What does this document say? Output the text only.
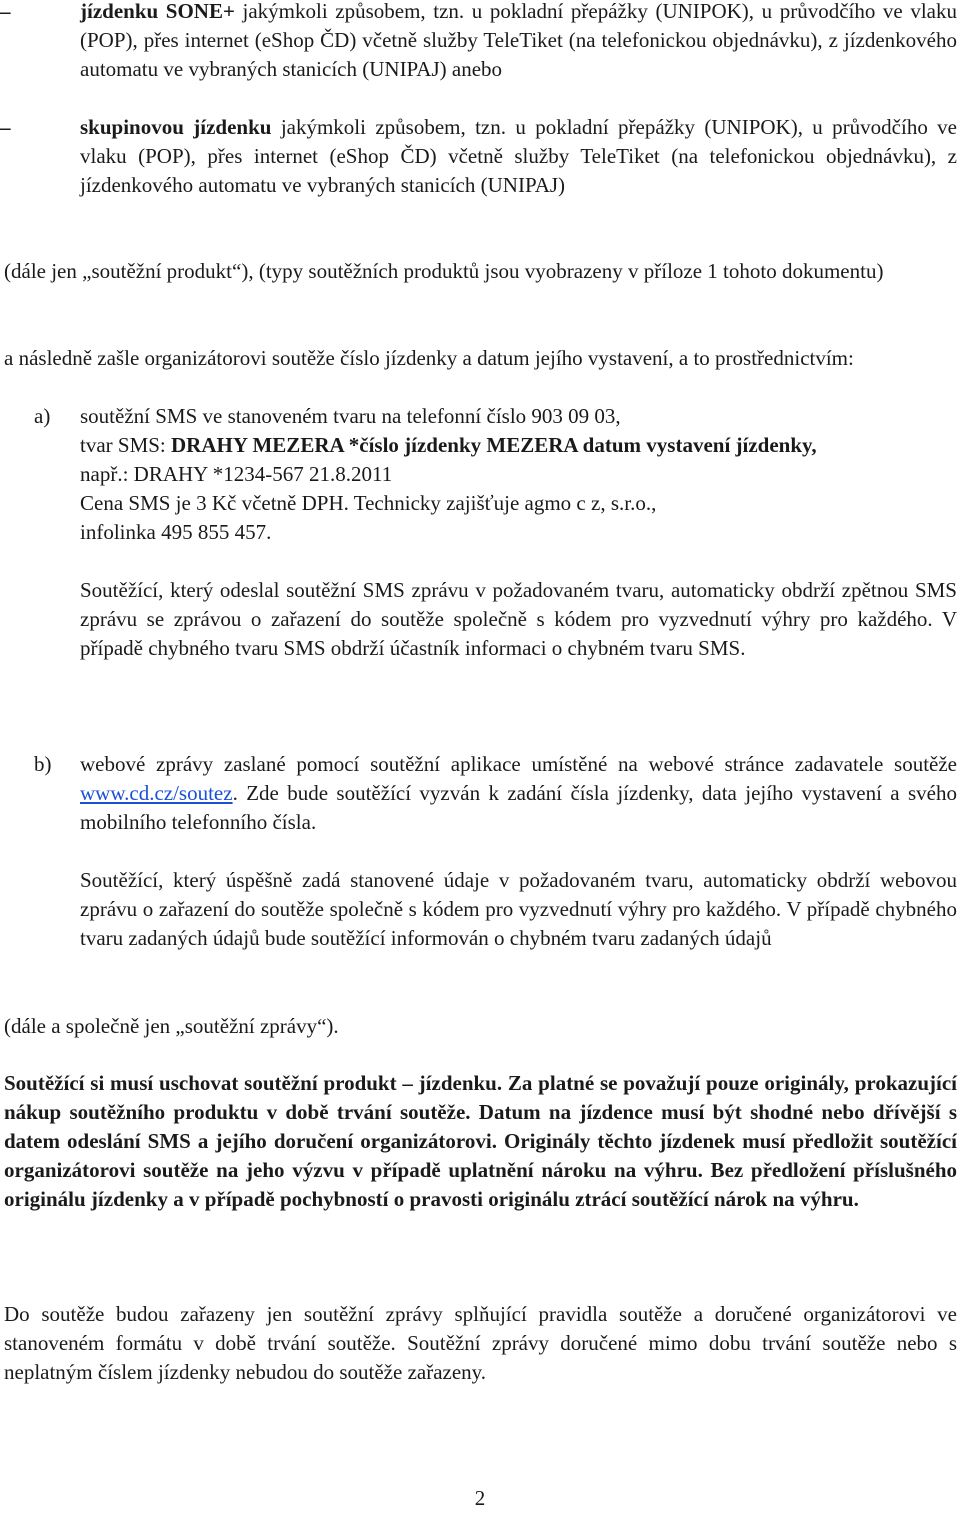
–	jízdenku SONE+ jakýmkoli způsobem, tzn. u pokladní přepážky (UNIPOK), u průvodčího ve vlaku (POP), přes internet (eShop ČD) včetně služby TeleTiket (na telefonickou objednávku), z jízdenkového automatu ve vybraných stanicích (UNIPAJ) anebo
–	skupinovou jízdenku jakýmkoli způsobem, tzn. u pokladní přepážky (UNIPOK), u průvodčího ve vlaku (POP), přes internet (eShop ČD) včetně služby TeleTiket (na telefonickou objednávku), z jízdenkového automatu ve vybraných stanicích (UNIPAJ)
(dále jen „soutěžní produkt“), (typy soutěžních produktů jsou vyobrazeny v příloze 1 tohoto dokumentu)
a následně zašle organizátorovi soutěže číslo jízdenky a datum jejího vystavení, a to prostřednictvím:
a)	soutěžní SMS ve stanoveném tvaru na telefonní číslo 903 09 03,
tvar SMS: DRAHY MEZERA *číslo jízdenky MEZERA datum vystavení jízdenky,
např.: DRAHY *1234-567 21.8.2011
Cena SMS je 3 Kč včetně DPH. Technicky zajišťuje agmo c z, s.r.o.,
infolinka 495 855 457.
Soutěžící, který odeslal soutěžní SMS zprávu v požadovaném tvaru, automaticky obdrží zpětnou SMS zprávu se zprávou o zařazení do soutěže společně s kódem pro vyzvednutí výhry pro každého. V případě chybného tvaru SMS obdrží účastník informaci o chybném tvaru SMS.
b)	webové zprávy zaslané pomocí soutěžní aplikace umístěné na webové stránce zadavatele soutěže www.cd.cz/soutez. Zde bude soutěžící vyzván k zadání čísla jízdenky, data jejího vystavení a svého mobilního telefonního čísla.
Soutěžící, který úspěšně zadá stanovené údaje v požadovaném tvaru, automaticky obdrží webovou zprávu o zařazení do soutěže společně s kódem pro vyzvednutí výhry pro každého. V případě chybného tvaru zadaných údajů bude soutěžící informován o chybném tvaru zadaných údajů
(dále a společně jen „soutěžní zprávy“).
Soutěžící si musí uschovat soutěžní produkt – jízdenku. Za platné se považují pouze originály, prokazující nákup soutěžního produktu v době trvání soutěže. Datum na jízdence musí být shodné nebo dřívější s datem odeslání SMS a jejího doručení organizátorovi. Originály těchto jízdenek musí předložit soutěžící organizátorovi soutěže na jeho výzvu v případě uplatnění nároku na výhru. Bez předložení příslušného originálu jízdenky a v případě pochybností o pravosti originálu ztrácí soutěžící nárok na výhru.
Do soutěže budou zařazeny jen soutěžní zprávy splňující pravidla soutěže a doručené organizátorovi ve stanoveném formátu v době trvání soutěže. Soutěžní zprávy doručené mimo dobu trvání soutěže nebo s neplatným číslem jízdenky nebudou do soutěže zařazeny.
2
